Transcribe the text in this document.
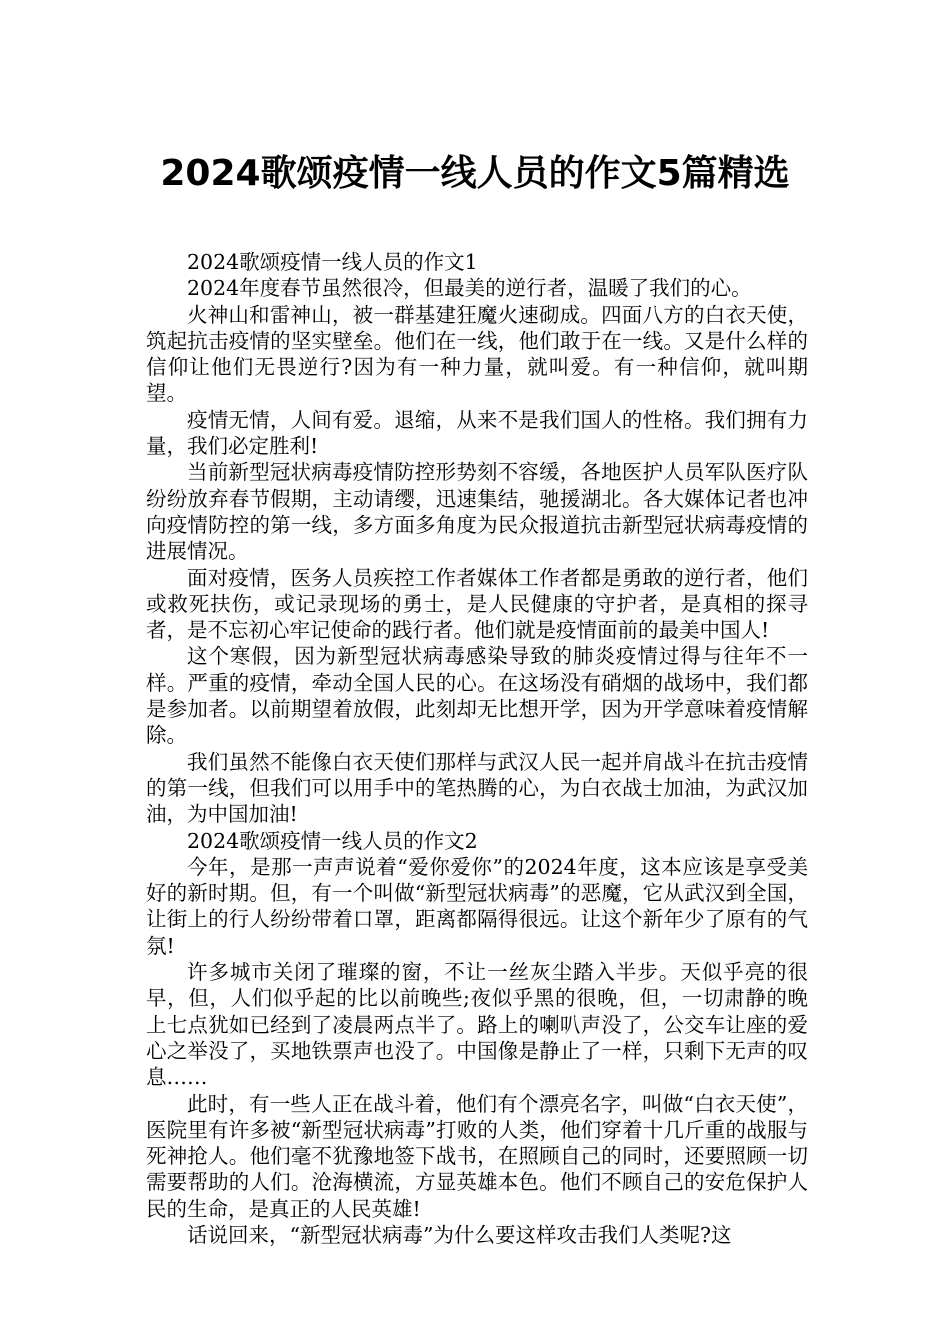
2024歌颂疫情一线人员的作文5篇精选

2024歌颂疫情一线人员的作文1

2024年度春节虽然很冷，但最美的逆行者，温暖了我们的心。

火神山和雷神山，被一群基建狂魔火速砌成。四面八方的白衣天使，筑起抗击疫情的坚实壁垒。他们在一线，他们敢于在一线。又是什么样的信仰让他们无畏逆行?因为有一种力量，就叫爱。有一种信仰，就叫期望。

疫情无情，人间有爱。退缩，从来不是我们国人的性格。我们拥有力量，我们必定胜利!

当前新型冠状病毒疫情防控形势刻不容缓，各地医护人员军队医疗队纷纷放弃春节假期，主动请缨，迅速集结，驰援湖北。各大媒体记者也冲向疫情防控的第一线，多方面多角度为民众报道抗击新型冠状病毒疫情的进展情况。

面对疫情，医务人员疾控工作者媒体工作者都是勇敢的逆行者，他们或救死扶伤，或记录现场的勇士，是人民健康的守护者，是真相的探寻者，是不忘初心牢记使命的践行者。他们就是疫情面前的最美中国人!

这个寒假，因为新型冠状病毒感染导致的肺炎疫情过得与往年不一样。严重的疫情，牵动全国人民的心。在这场没有硝烟的战场中，我们都是参加者。以前期望着放假，此刻却无比想开学，因为开学意味着疫情解除。

我们虽然不能像白衣天使们那样与武汉人民一起并肩战斗在抗击疫情的第一线，但我们可以用手中的笔热腾的心，为白衣战士加油，为武汉加油，为中国加油!

2024歌颂疫情一线人员的作文2

今年，是那一声声说着“爱你爱你”的2024年度，这本应该是享受美好的新时期。但，有一个叫做“新型冠状病毒”的恶魔，它从武汉到全国，让街上的行人纷纷带着口罩，距离都隔得很远。让这个新年少了原有的气氛!

许多城市关闭了璀璨的窗，不让一丝灰尘踏入半步。天似乎亮的很早，但，人们似乎起的比以前晚些;夜似乎黑的很晚，但，一切肃静的晚上七点犹如已经到了凌晨两点半了。路上的喇叭声没了，公交车让座的爱心之举没了，买地铁票声也没了。中国像是静止了一样，只剩下无声的叹息……

此时，有一些人正在战斗着，他们有个漂亮名字，叫做“白衣天使”，医院里有许多被“新型冠状病毒”打败的人类，他们穿着十几斤重的战服与死神抢人。他们毫不犹豫地签下战书，在照顾自己的同时，还要照顾一切需要帮助的人们。沧海横流，方显英雄本色。他们不顾自己的安危保护人民的生命，是真正的人民英雄!

话说回来，“新型冠状病毒”为什么要这样攻击我们人类呢?这
